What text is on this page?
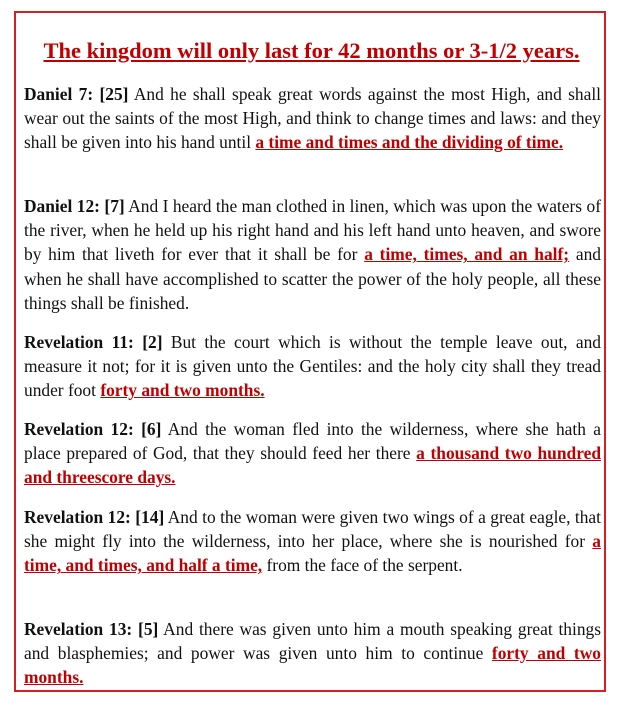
The kingdom will only last for 42 months or 3-1/2 years.

Daniel 7: [25] And he shall speak great words against the most High, and shall wear out the saints of the most High, and think to change times and laws: and they shall be given into his hand until a time and times and the dividing of time.

Daniel 12: [7] And I heard the man clothed in linen, which was upon the waters of the river, when he held up his right hand and his left hand unto heaven, and swore by him that liveth for ever that it shall be for a time, times, and an half; and when he shall have accomplished to scatter the power of the holy people, all these things shall be finished.

Revelation 11: [2] But the court which is without the temple leave out, and measure it not; for it is given unto the Gentiles: and the holy city shall they tread under foot forty and two months.

Revelation 12: [6] And the woman fled into the wilderness, where she hath a place prepared of God, that they should feed her there a thousand two hundred and threescore days.

Revelation 12: [14] And to the woman were given two wings of a great eagle, that she might fly into the wilderness, into her place, where she is nourished for a time, and times, and half a time, from the face of the serpent.

Revelation 13: [5] And there was given unto him a mouth speaking great things and blasphemies; and power was given unto him to continue forty and two months.
